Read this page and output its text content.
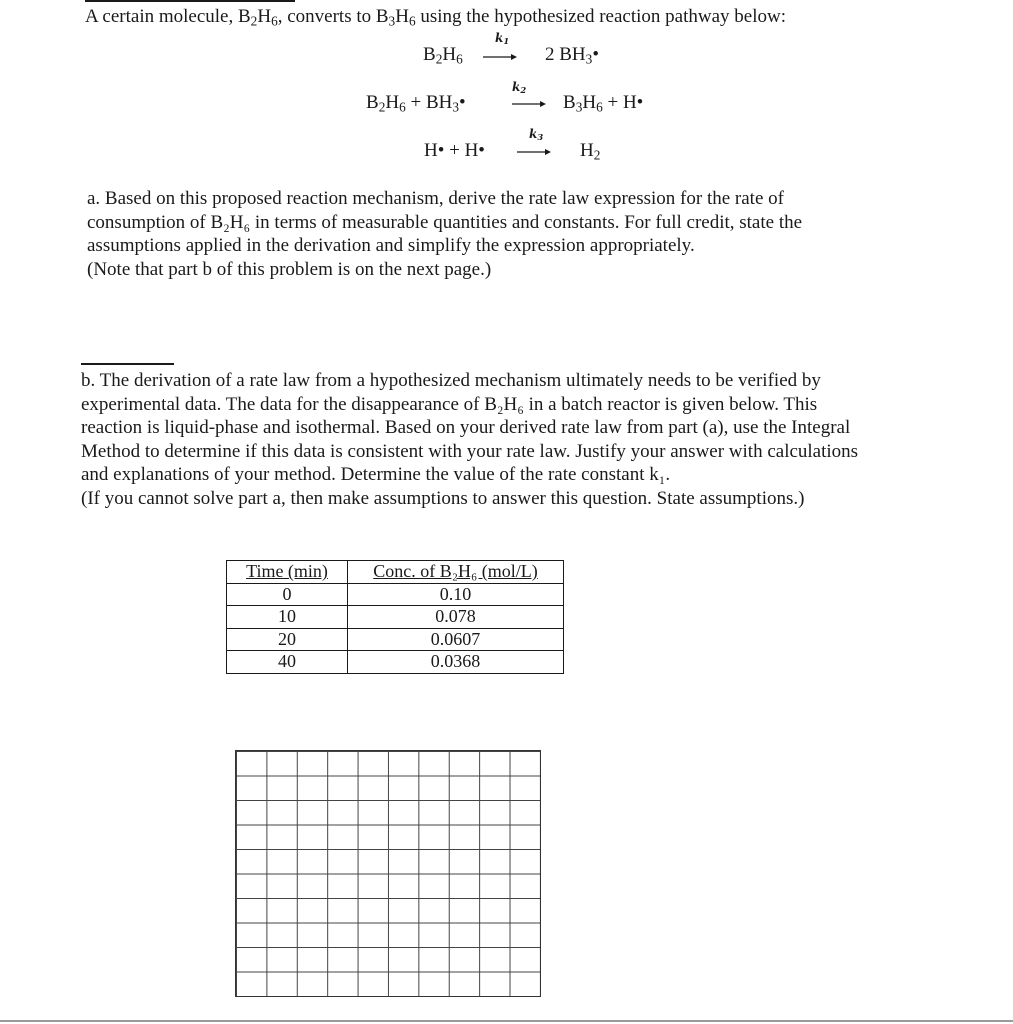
A certain molecule, $B_2H_6$, converts to $B_3H_6$ using the hypothesized reaction pathway below:
$B_2H_6$
$k_1$
2 $BH_3•$
$B_2H_6$ + $BH_3•$
$k_2$
→ $B_3H_6$ + H•
H• + H•
$k_3$
$H_2$
a. Based on this proposed reaction mechanism, derive the rate law expression for the rate of
consumption of B₂H₆ in terms of measurable quantities and constants. For full credit, state the
assumptions applied in the derivation and simplify the expression appropriately.
(Note that part b of this problem is on the next page.)
b. The derivation of a rate law from a hypothesized mechanism ultimately needs to be verified by
experimental data. The data for the disappearance of B₂H₆ in a batch reactor is given below. This
reaction is liquid-phase and isothermal. Based on your derived rate law from part (a), use the Integral
Method to determine if this data is consistent with your rate law. Justify your answer with calculations
and explanations of your method. Determine the value of the rate constant k₁.
(If you cannot solve part a, then make assumptions to answer this question. State assumptions.)
Time (min)	Conc. of B₂H₆ (mol/L)
0	0.10
10	0.078
20	0.0607
40	0.0368
